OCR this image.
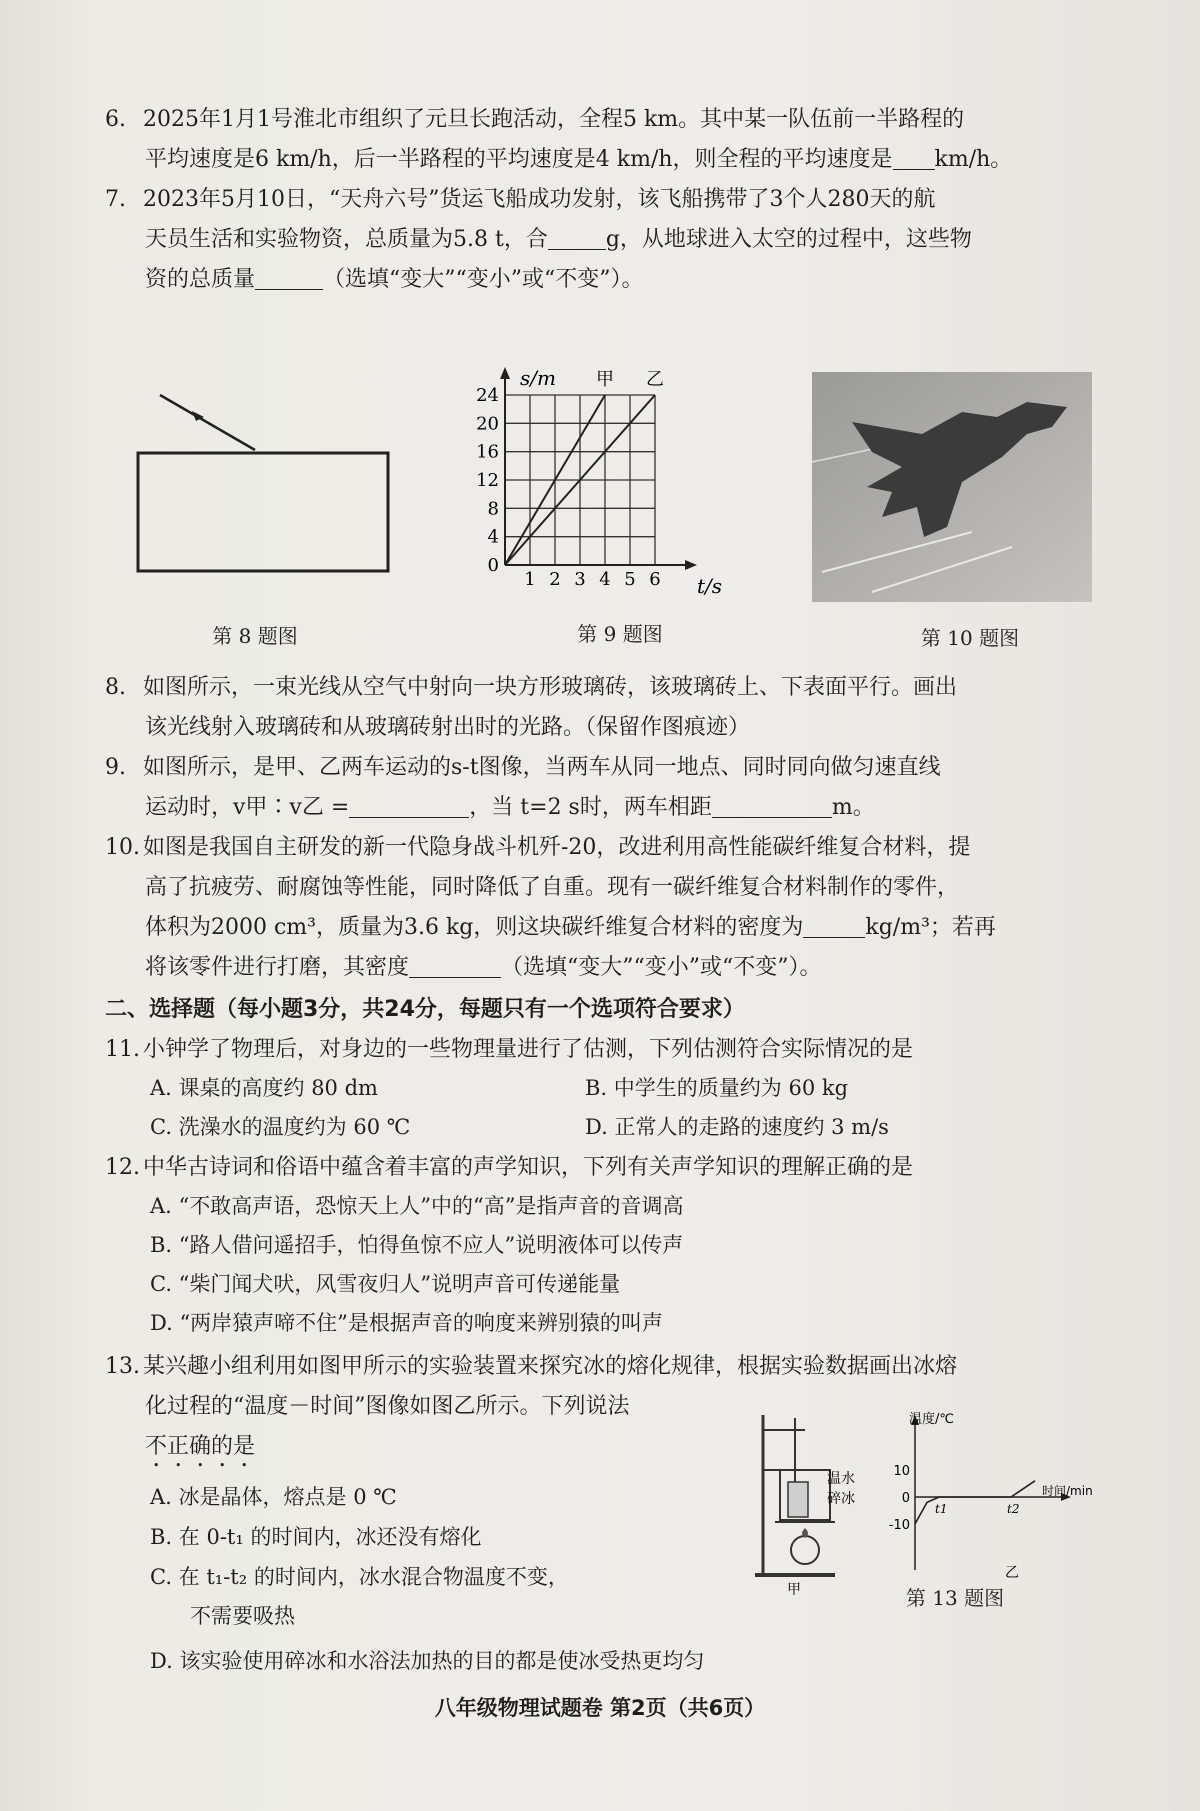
6. 2025年1月1号淮北市组织了元旦长跑活动，全程5 km。其中某一队伍前一半路程的
平均速度是6 km/h，后一半路程的平均速度是4 km/h，则全程的平均速度是 km/h。
7. 2023年5月10日，“天舟六号”货运飞船成功发射，该飞船携带了3个人280天的航
天员生活和实验物资，总质量为5.8 t，合	g，从地球进入太空的过程中，这些物
资的总质量	（选填“变大”“变小”或“不变”）。
第 8 题图
1 2 3 4 5 6
0
4
8
12
16
20
24
甲 乙
s/m
t/s
第 9 题图	第 10 题图
8. 如图所示，一束光线从空气中射向一块方形玻璃砖，该玻璃砖上、下表面平行。画出
该光线射入玻璃砖和从玻璃砖射出时的光路。（保留作图痕迹）
9. 如图所示，是甲、乙两车运动的s-t图像，当两车从同一地点、同时同向做匀速直线
运动时，v甲∶v乙 =	，当 t=2 s时，两车相距	m。
10. 如图是我国自主研发的新一代隐身战斗机歼-20，改进利用高性能碳纤维复合材料，提
高了抗疲劳、耐腐蚀等性能，同时降低了自重。现有一碳纤维复合材料制作的零件，
体积为2000 cm³，质量为3.6 kg，则这块碳纤维复合材料的密度为	kg/m³；若再
将该零件进行打磨，其密度	（选填“变大”“变小”或“不变”）。
二、选择题（每小题3分，共24分，每题只有一个选项符合要求）
11. 小钟学了物理后，对身边的一些物理量进行了估测，下列估测符合实际情况的是
A. 课桌的高度约 80 dm	B. 中学生的质量约为 60 kg
C. 洗澡水的温度约为 60 ℃	D. 正常人的走路的速度约 3 m/s
12. 中华古诗词和俗语中蕴含着丰富的声学知识，下列有关声学知识的理解正确的是
A. “不敢高声语，恐惊天上人”中的“高”是指声音的音调高
B. “路人借问遥招手，怕得鱼惊不应人”说明液体可以传声
C. “柴门闻犬吠，风雪夜归人”说明声音可传递能量
D. “两岸猿声啼不住”是根据声音的响度来辨别猿的叫声
13. 某兴趣小组利用如图甲所示的实验装置来探究冰的熔化规律，根据实验数据画出冰熔
化过程的“温度－时间”图像如图乙所示。下列说法
不正确的是
A. 冰是晶体，熔点是 0 ℃
B. 在 0-t₁ 的时间内，冰还没有熔化
C. 在 t₁-t₂ 的时间内，冰水混合物温度不变，
不需要吸热
D. 该实验使用碎冰和水浴法加热的目的都是使冰受热更均匀
温水
碎冰
甲
10
0
-10
t1	t2
温度/℃
时间/min
乙
第 13 题图
八年级物理试题卷 第2页（共6页）
